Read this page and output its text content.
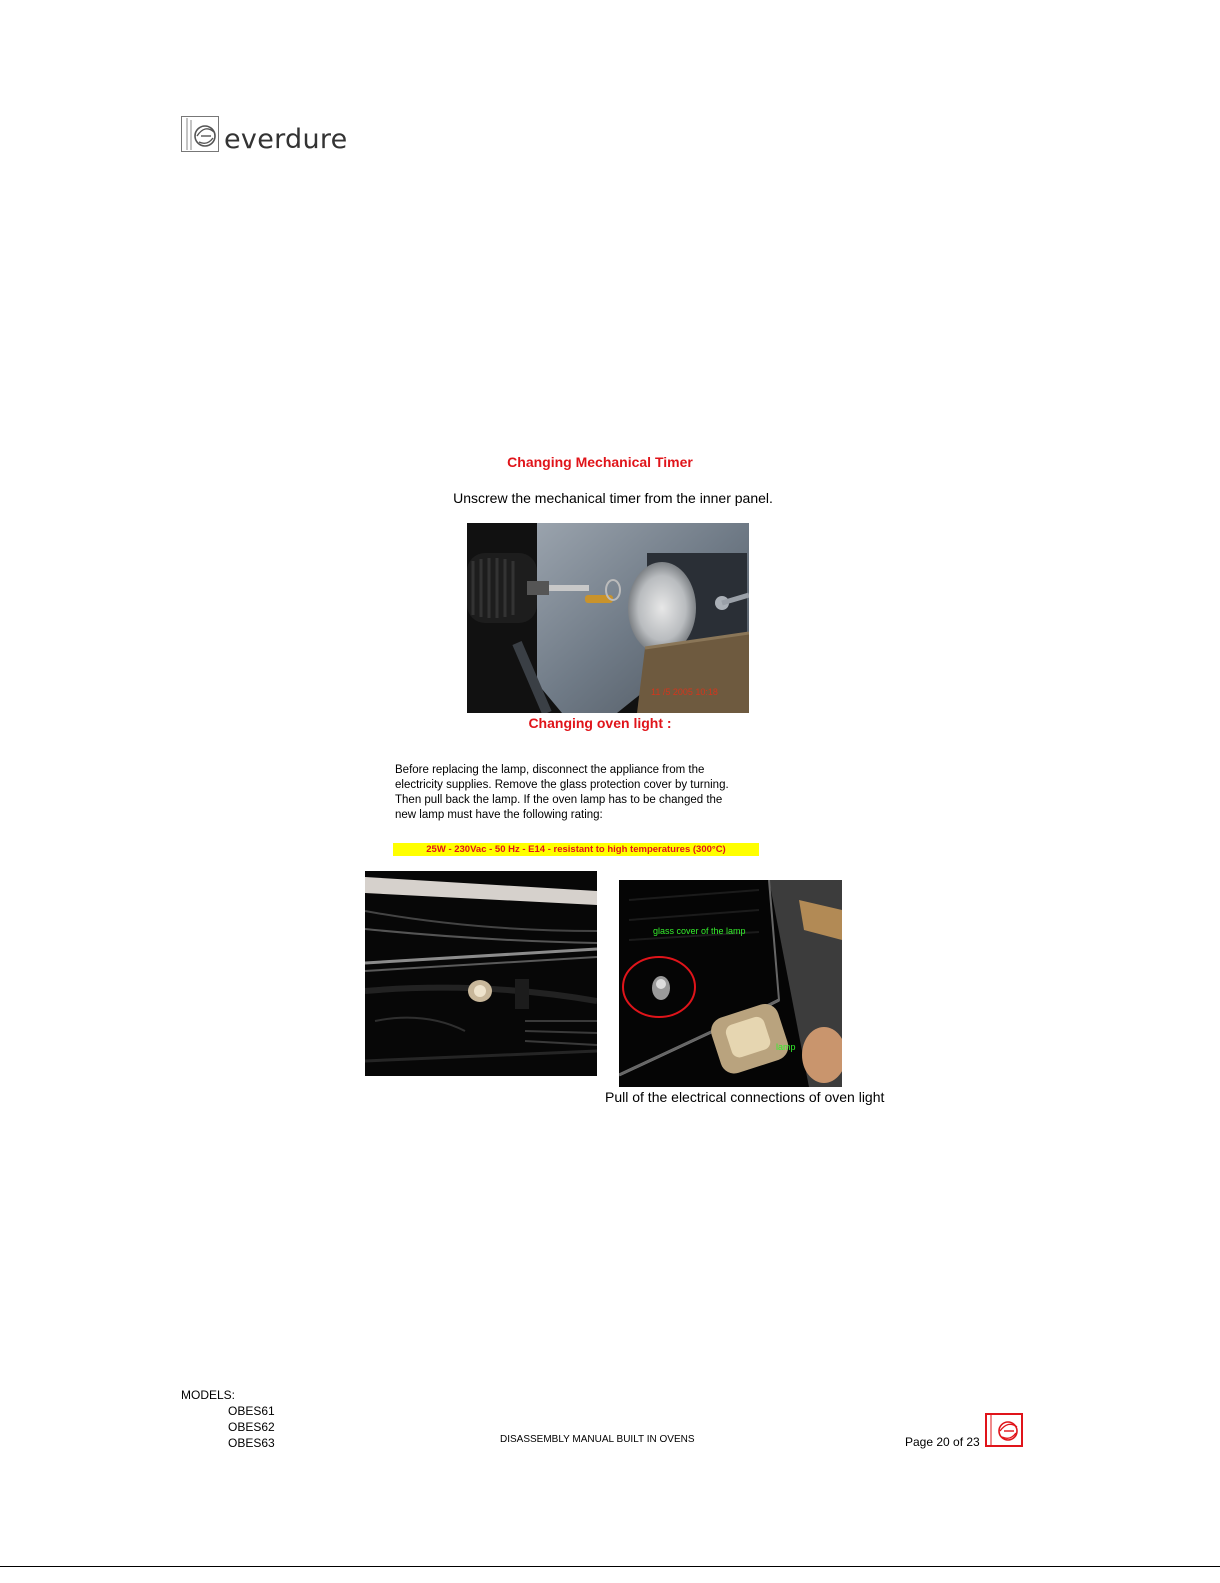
everdure
Changing Mechanical Timer
Unscrew the mechanical timer from the inner panel.
11 /5 2005 10:18
Changing oven light :
Before replacing the lamp, disconnect the appliance from the
electricity supplies. Remove the glass protection cover by turning.
Then pull back the lamp. If the oven lamp has to be changed the
new lamp must have the following rating:
25W - 230Vac - 50 Hz - E14 - resistant to high temperatures (300°C)
glass cover of the lamp
lamp
Pull of the electrical connections of oven light
MODELS:
OBES61
OBES62
OBES63	DISASSEMBLY MANUAL BUILT IN OVENS	Page 20 of 23
